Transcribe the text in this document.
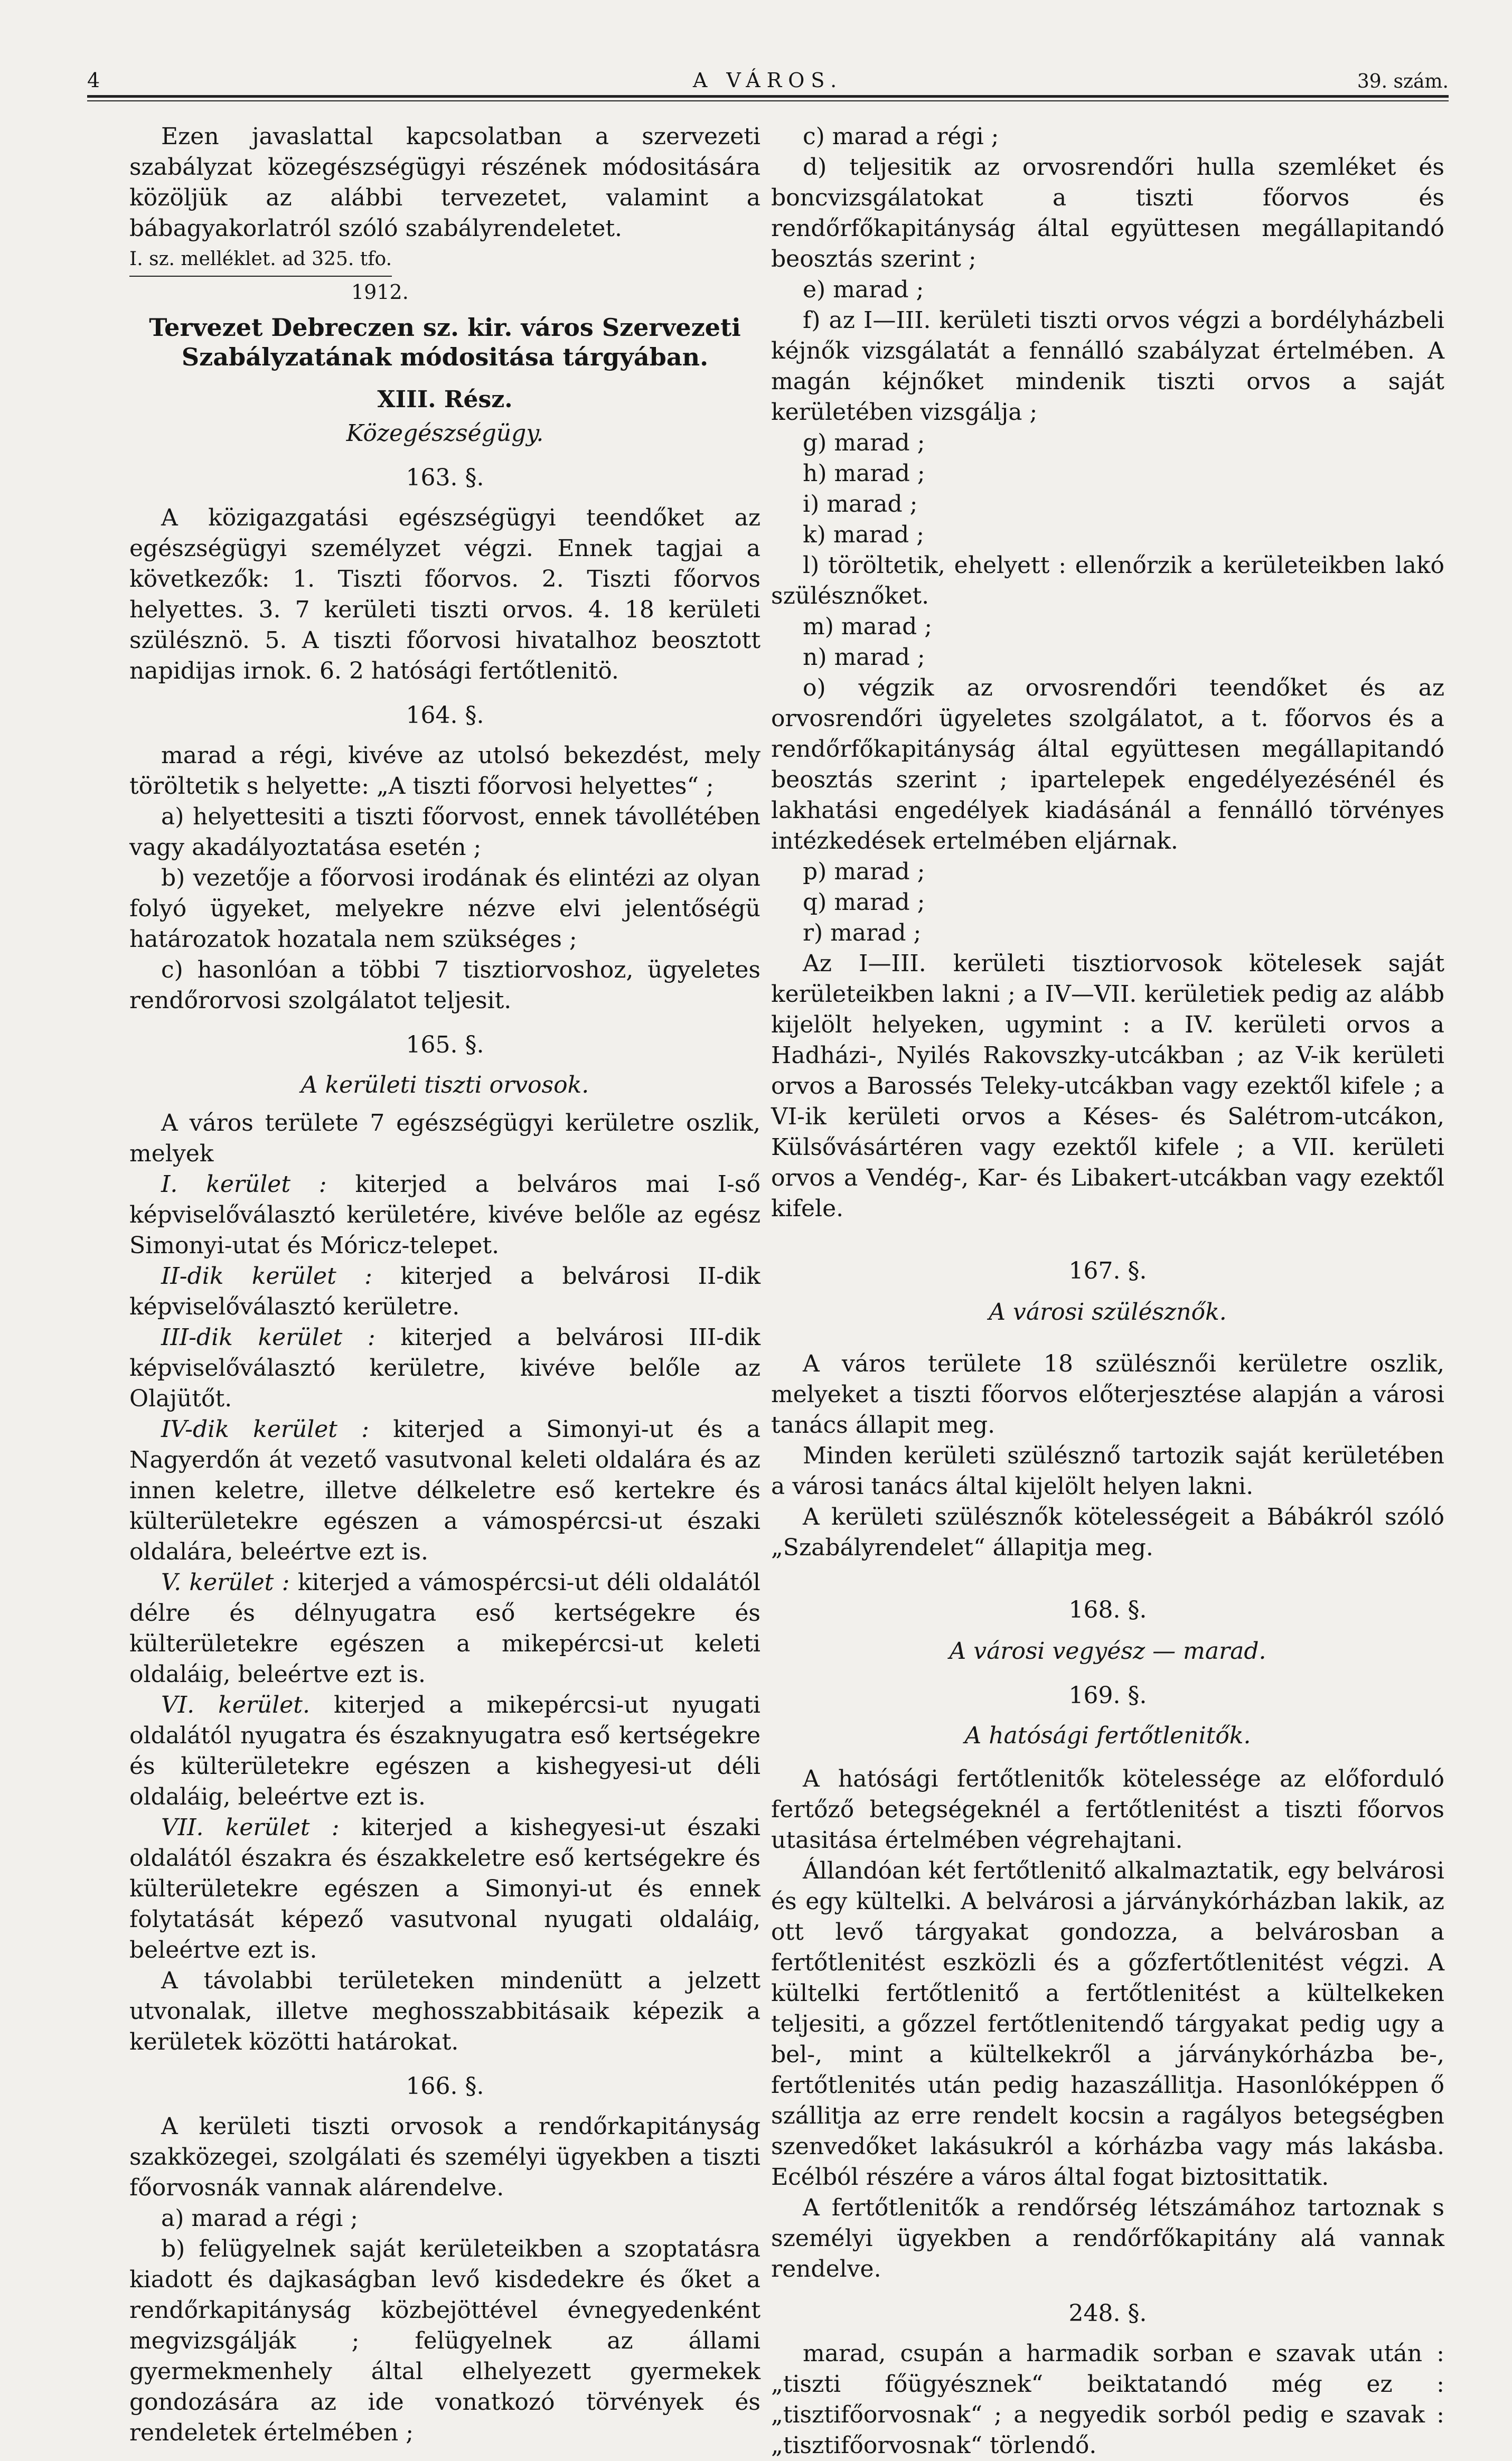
4	A VÁROS.	39. szám.

Ezen javaslattal kapcsolatban a szervezeti szabályzat közegészségügyi részének módositására közöljük az alábbi tervezetet, valamint a bábagyakorlatról szóló szabályrendeletet.

I. sz. melléklet. ad 325. tfo.

1912.

Tervezet Debreczen sz. kir. város Szervezeti Szabályzatának módositása tárgyában.

XIII. Rész.

Közegészségügy.

163. §.

A közigazgatási egészségügyi teendőket az egészségügyi személyzet végzi. Ennek tagjai a következők: 1. Tiszti főorvos. 2. Tiszti főorvos helyettes. 3. 7 kerületi tiszti orvos. 4. 18 kerületi szülésznö. 5. A tiszti főorvosi hivatalhoz beosztott napidijas irnok. 6. 2 hatósági fertőtlenitö.

164. §.

marad a régi, kivéve az utolsó bekezdést, mely töröltetik s helyette: „A tiszti főorvosi helyettes“ ;

a) helyettesiti a tiszti főorvost, ennek távollétében vagy akadályoztatása esetén ;

b) vezetője a főorvosi irodának és elintézi az olyan folyó ügyeket, melyekre nézve elvi jelentőségü határozatok hozatala nem szükséges ;

c) hasonlóan a többi 7 tisztiorvoshoz, ügyeletes rendőrorvosi szolgálatot teljesit.

165. §.

A kerületi tiszti orvosok.

A város területe 7 egészségügyi kerületre oszlik, melyek

I. kerület : kiterjed a belváros mai I-ső képviselőválasztó kerületére, kivéve belőle az egész Simonyi-utat és Móricz-telepet.

II-dik kerület : kiterjed a belvárosi II-dik képviselőválasztó kerületre.

III-dik kerület : kiterjed a belvárosi III-dik képviselőválasztó kerületre, kivéve belőle az Olajütőt.

IV-dik kerület : kiterjed a Simonyi-ut és a Nagyerdőn át vezető vasutvonal keleti oldalára és az innen keletre, illetve délkeletre eső kertekre és külterületekre egészen a vámospércsi-ut északi oldalára, beleértve ezt is.

V. kerület : kiterjed a vámospércsi-ut déli oldalától délre és délnyugatra eső kertségekre és külterületekre egészen a mikepércsi-ut keleti oldaláig, beleértve ezt is.

VI. kerület. kiterjed a mikepércsi-ut nyugati oldalától nyugatra és északnyugatra eső kertségekre és külterületekre egészen a kishegyesi-ut déli oldaláig, beleértve ezt is.

VII. kerület : kiterjed a kishegyesi-ut északi oldalától északra és északkeletre eső kertségekre és külterületekre egészen a Simonyi-ut és ennek folytatását képező vasutvonal nyugati oldaláig, beleértve ezt is.

A távolabbi területeken mindenütt a jelzett utvonalak, illetve meghosszabbitásaik képezik a kerületek közötti határokat.

166. §.

A kerületi tiszti orvosok a rendőrkapitányság szakközegei, szolgálati és személyi ügyekben a tiszti főorvosnák vannak alárendelve.

a) marad a régi ;

b) felügyelnek saját kerületeikben a szoptatásra kiadott és dajkaságban levő kisdedekre és őket a rendőrkapitányság közbejöttével évnegyedenként megvizsgálják ; felügyelnek az állami gyermekmenhely által elhelyezett gyermekek gondozására az ide vonatkozó törvények és rendeletek értelmében ;

c) marad a régi ;

d) teljesitik az orvosrendőri hulla szemléket és boncvizsgálatokat a tiszti főorvos és rendőrfőkapitányság által együttesen megállapitandó beosztás szerint ;

e) marad ;

f) az I—III. kerületi tiszti orvos végzi a bordélyházbeli kéjnők vizsgálatát a fennálló szabályzat értelmében. A magán kéjnőket mindenik tiszti orvos a saját kerületében vizsgálja ;

g) marad ;

h) marad ;

i) marad ;

k) marad ;

l) töröltetik, ehelyett : ellenőrzik a kerületeikben lakó szülésznőket.

m) marad ;

n) marad ;

o) végzik az orvosrendőri teendőket és az orvosrendőri ügyeletes szolgálatot, a t. főorvos és a rendőrfőkapitányság által együttesen megállapitandó beosztás szerint ; ipartelepek engedélyezésénél és lakhatási engedélyek kiadásánál a fennálló törvényes intézkedések ertelmében eljárnak.

p) marad ;

q) marad ;

r) marad ;

Az I—III. kerületi tisztiorvosok kötelesek saját kerületeikben lakni ; a IV—VII. kerületiek pedig az alább kijelölt helyeken, ugymint : a IV. kerületi orvos a Hadházi-, Nyilés Rakovszky-utcákban ; az V-ik kerületi orvos a Barossés Teleky-utcákban vagy ezektől kifele ; a VI-ik kerületi orvos a Késes- és Salétrom-utcákon, Külsővásártéren vagy ezektől kifele ; a VII. kerületi orvos a Vendég-, Kar- és Libakert-utcákban vagy ezektől kifele.

167. §.

A városi szülésznők.

A város területe 18 szülésznői kerületre oszlik, melyeket a tiszti főorvos előterjesztése alapján a városi tanács állapit meg.

Minden kerületi szülésznő tartozik saját kerületében a városi tanács által kijelölt helyen lakni.

A kerületi szülésznők kötelességeit a Bábákról szóló „Szabályrendelet“ állapitja meg.

168. §.

A városi vegyész — marad.

169. §.

A hatósági fertőtlenitők.

A hatósági fertőtlenitők kötelessége az előforduló fertőző betegségeknél a fertőtlenitést a tiszti főorvos utasitása értelmében végrehajtani.

Állandóan két fertőtlenitő alkalmaztatik, egy belvárosi és egy kültelki. A belvárosi a járványkórházban lakik, az ott levő tárgyakat gondozza, a belvárosban a fertőtlenitést eszközli és a gőzfertőtlenitést végzi. A kültelki fertőtlenitő a fertőtlenitést a kültelkeken teljesiti, a gőzzel fertőtlenitendő tárgyakat pedig ugy a bel-, mint a kültelkekről a járványkórházba be-, fertőtlenités után pedig hazaszállitja. Hasonlóképpen ő szállitja az erre rendelt kocsin a ragályos betegségben szenvedőket lakásukról a kórházba vagy más lakásba. Ecélból részére a város által fogat biztosittatik.

A fertőtlenitők a rendőrség létszámához tartoznak s személyi ügyekben a rendőrfőkapitány alá vannak rendelve.

248. §.

marad, csupán a harmadik sorban e szavak után : „tiszti főügyésznek“ beiktatandó még ez : „tisztifőorvosnak“ ; a negyedik sorból pedig e szavak : „tisztifőorvosnak“ törlendő.
